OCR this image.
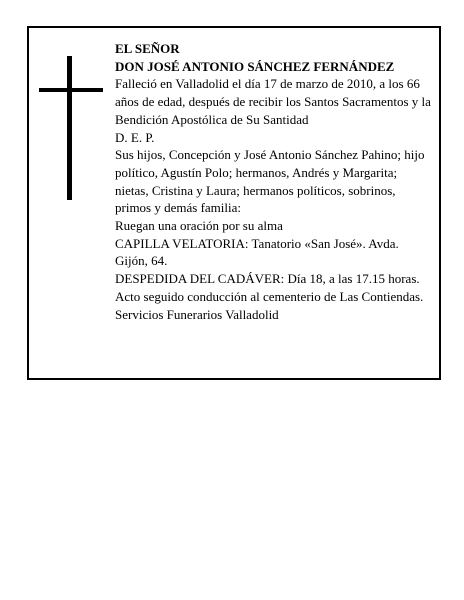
EL SEÑOR

DON JOSÉ ANTONIO SÁNCHEZ FERNÁNDEZ

Falleció en Valladolid el día 17 de marzo de 2010, a los 66 años de edad, después de recibir los Santos Sacramentos y la Bendición Apostólica de Su Santidad

D. E. P.

Sus hijos, Concepción y José Antonio Sánchez Pahino; hijo político, Agustín Polo; hermanos, Andrés y Margarita; nietas, Cristina y Laura; hermanos políticos, sobrinos, primos y demás familia:

Ruegan una oración por su alma

CAPILLA VELATORIA: Tanatorio «San José». Avda. Gijón, 64.

DESPEDIDA DEL CADÁVER: Día 18, a las 17.15 horas. Acto seguido conducción al cementerio de Las Contiendas.

Servicios Funerarios Valladolid
